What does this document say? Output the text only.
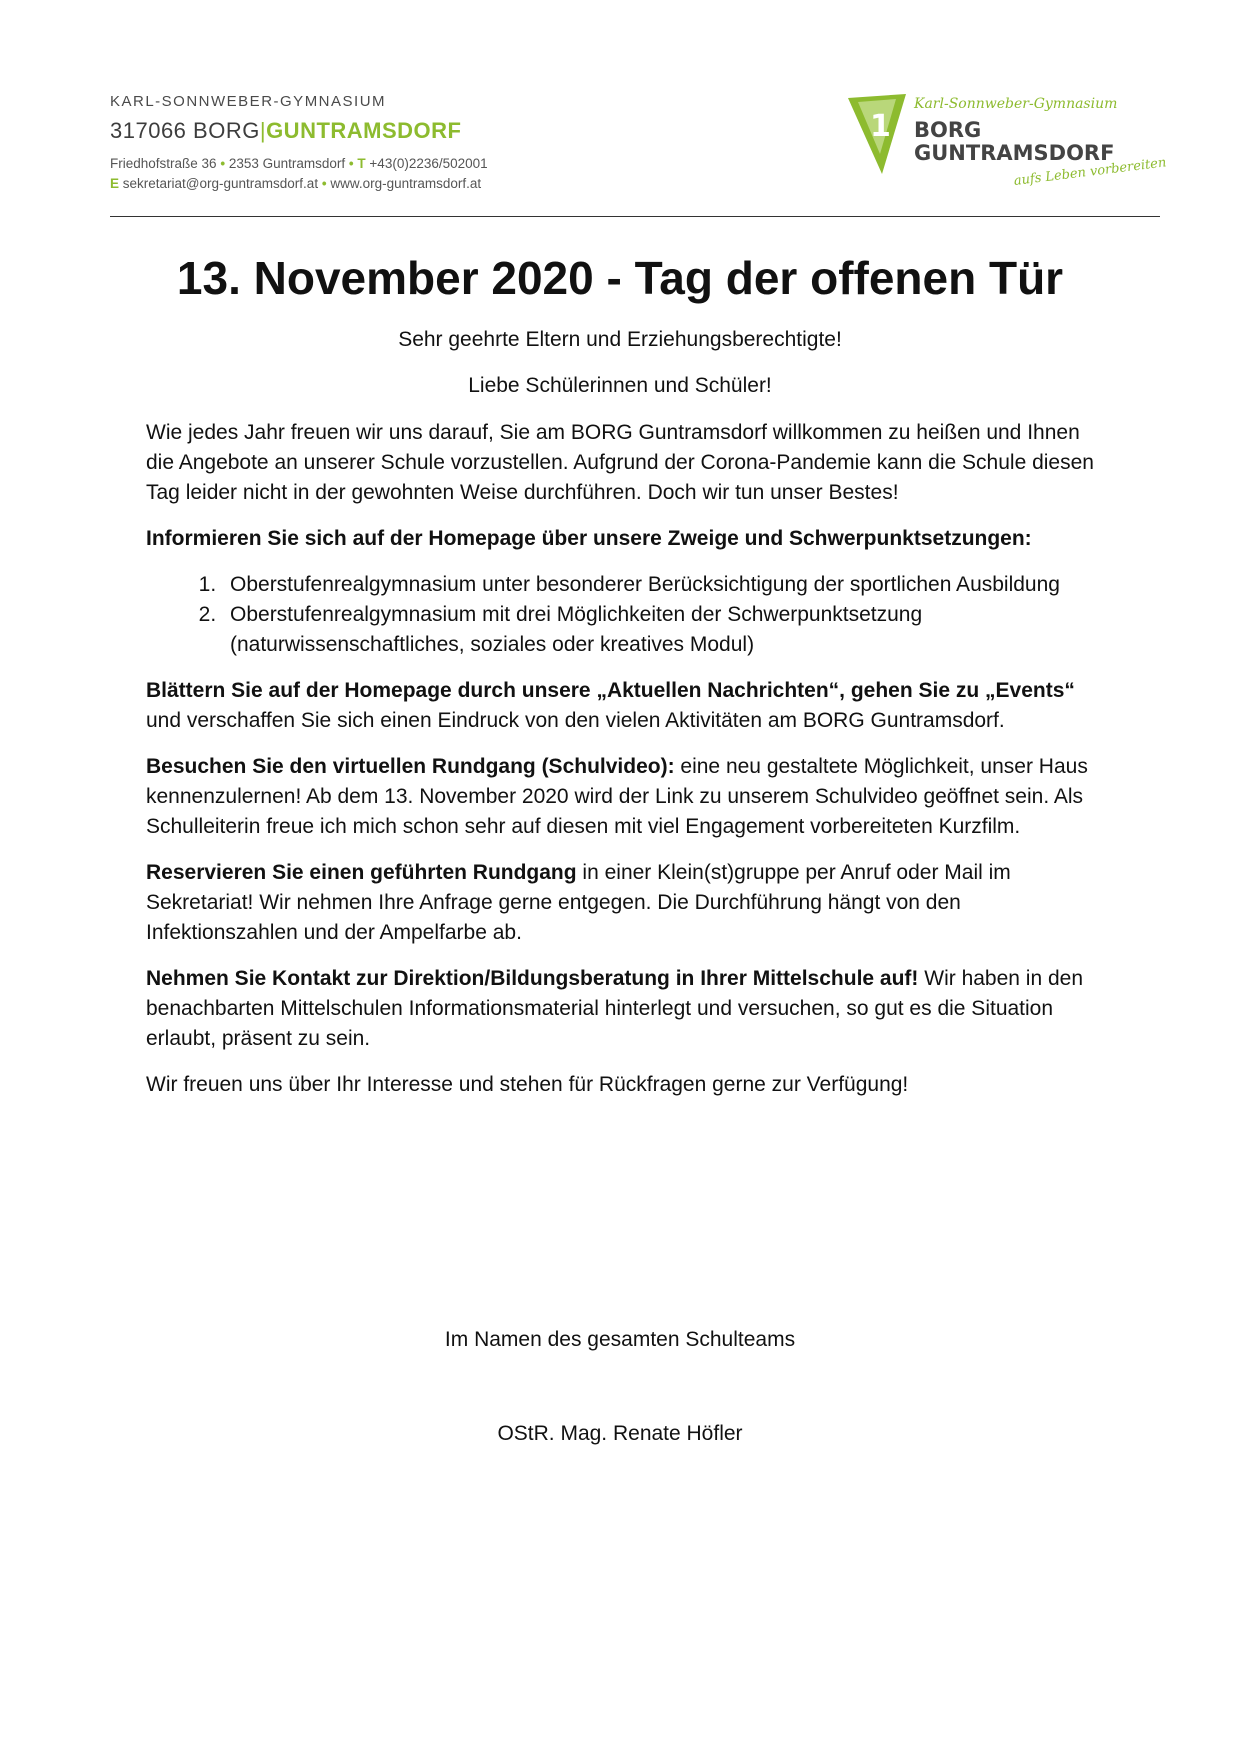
KARL-SONNWEBER-GYMNASIUM
317066 BORG|GUNTRAMSDORF
Friedhofstraße 36 • 2353 Guntramsdorf • T +43(0)2236/502001
E sekretariat@org-guntramsdorf.at • www.org-guntramsdorf.at
1
Karl-Sonnweber-Gymnasium
BORG
GUNTRAMSDORF
aufs Leben vorbereiten
13. November 2020 - Tag der offenen Tür

Sehr geehrte Eltern und Erziehungsberechtigte!

Liebe Schülerinnen und Schüler!

Wie jedes Jahr freuen wir uns darauf, Sie am BORG Guntramsdorf willkommen zu heißen und Ihnen die Angebote an unserer Schule vorzustellen. Aufgrund der Corona-Pandemie kann die Schule diesen Tag leider nicht in der gewohnten Weise durchführen. Doch wir tun unser Bestes!

Informieren Sie sich auf der Homepage über unsere Zweige und Schwerpunktsetzungen:

1. Oberstufenrealgymnasium unter besonderer Berücksichtigung der sportlichen Ausbildung
2. Oberstufenrealgymnasium mit drei Möglichkeiten der Schwerpunktsetzung (naturwissenschaftliches, soziales oder kreatives Modul)

Blättern Sie auf der Homepage durch unsere „Aktuellen Nachrichten“, gehen Sie zu „Events“ und verschaffen Sie sich einen Eindruck von den vielen Aktivitäten am BORG Guntramsdorf.

Besuchen Sie den virtuellen Rundgang (Schulvideo): eine neu gestaltete Möglichkeit, unser Haus kennenzulernen! Ab dem 13. November 2020 wird der Link zu unserem Schulvideo geöffnet sein. Als Schulleiterin freue ich mich schon sehr auf diesen mit viel Engagement vorbereiteten Kurzfilm.

Reservieren Sie einen geführten Rundgang in einer Klein(st)gruppe per Anruf oder Mail im Sekretariat! Wir nehmen Ihre Anfrage gerne entgegen. Die Durchführung hängt von den Infektionszahlen und der Ampelfarbe ab.

Nehmen Sie Kontakt zur Direktion/Bildungsberatung in Ihrer Mittelschule auf! Wir haben in den benachbarten Mittelschulen Informationsmaterial hinterlegt und versuchen, so gut es die Situation erlaubt, präsent zu sein.

Wir freuen uns über Ihr Interesse und stehen für Rückfragen gerne zur Verfügung!

Im Namen des gesamten Schulteams

OStR. Mag. Renate Höfler
